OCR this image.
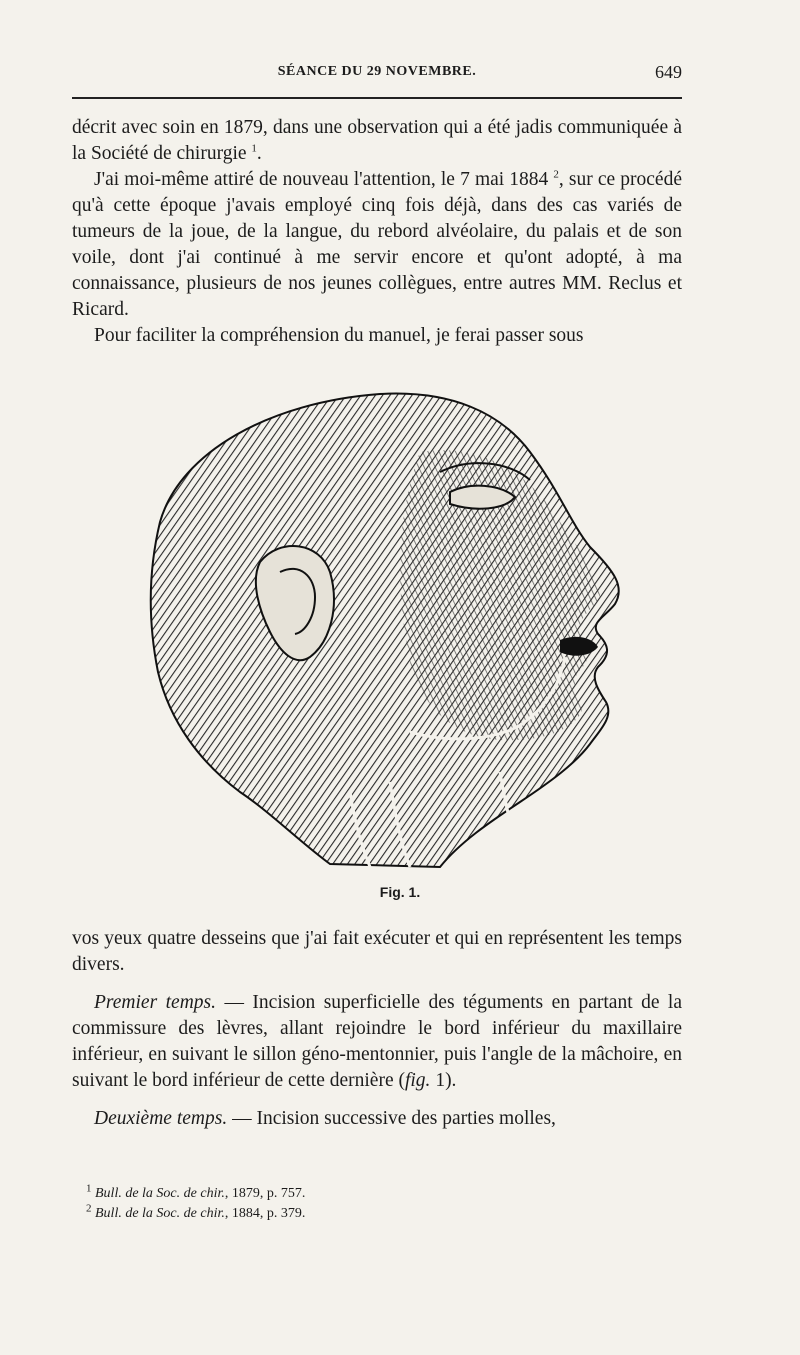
SÉANCE DU 29 NOVEMBRE.	649

décrit avec soin en 1879, dans une observation qui a été jadis communiquée à la Société de chirurgie $^1$.

J'ai moi-même attiré de nouveau l'attention, le 7 mai 1884 $^2$, sur ce procédé qu'à cette époque j'avais employé cinq fois déjà, dans des cas variés de tumeurs de la joue, de la langue, du rebord alvéolaire, du palais et de son voile, dont j'ai continué à me servir encore et qu'ont adopté, à ma connaissance, plusieurs de nos jeunes collègues, entre autres MM. Reclus et Ricard.

Pour faciliter la compréhension du manuel, je ferai passer sous

Fig. 1.

vos yeux quatre desseins que j'ai fait exécuter et qui en représentent les temps divers.

Premier temps. — Incision superficielle des téguments en partant de la commissure des lèvres, allant rejoindre le bord inférieur du maxillaire inférieur, en suivant le sillon géno-mentonnier, puis l'angle de la mâchoire, en suivant le bord inférieur de cette dernière (fig. 1).

Deuxième temps. — Incision successive des parties molles,

$^1$ Bull. de la Soc. de chir., 1879, p. 757.
$^2$ Bull. de la Soc. de chir., 1884, p. 379.
